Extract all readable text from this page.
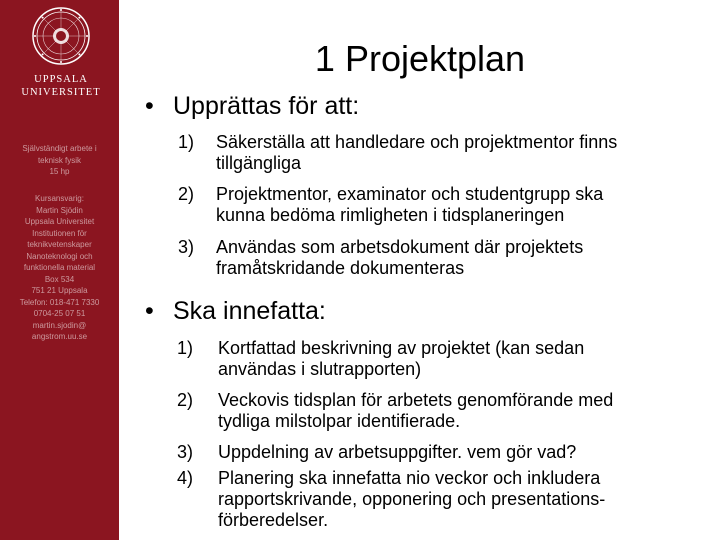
UPPSALA
UNIVERSITET
Självständigt arbete i
teknisk fysik
15 hp
Kursansvarig:
Martin Sjödin
Uppsala Universitet
Institutionen för
teknikvetenskaper
Nanoteknologi och
funktionella material
Box 534
751 21 Uppsala
Telefon: 018-471 7330
0704-25 07 51
martin.sjodin@
angstrom.uu.se
1 Projektplan
• Upprättas för att:
1) Säkerställa att handledare och projektmentor finns
tillgängliga
2) Projektmentor, examinator och studentgrupp ska
kunna bedöma rimligheten i tidsplaneringen
3) Användas som arbetsdokument där projektets
framåtskridande dokumenteras
• Ska innefatta:
1) Kortfattad beskrivning av projektet (kan sedan
användas i slutrapporten)
2) Veckovis tidsplan för arbetets genomförande med
tydliga milstolpar identifierade.
3) Uppdelning av arbetsuppgifter. vem gör vad?
4) Planering ska innefatta nio veckor och inkludera
rapportskrivande, opponering och presentations-
förberedelser.
